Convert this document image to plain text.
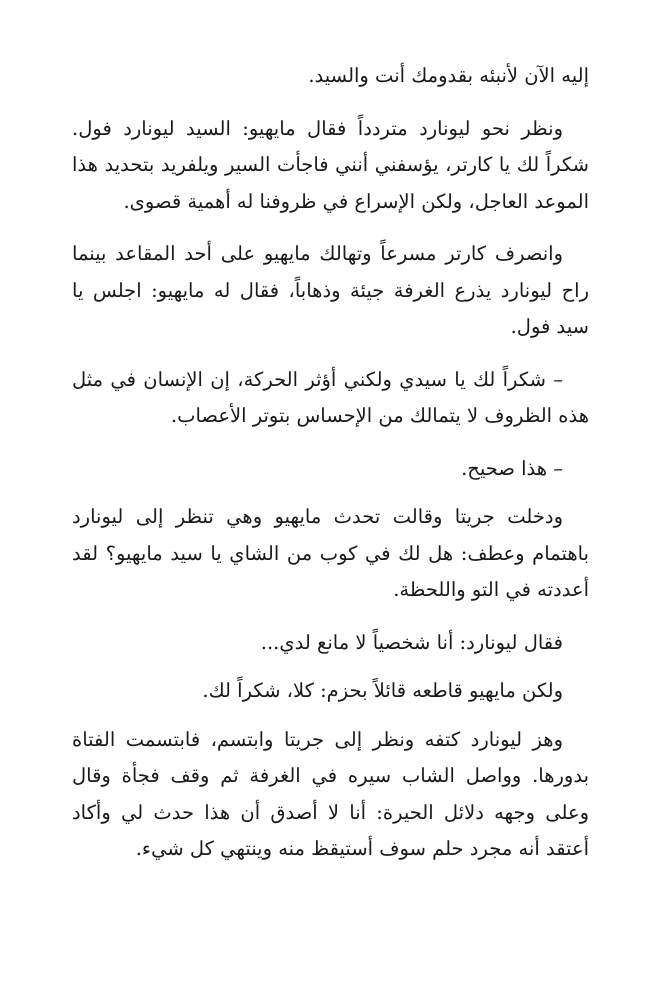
إليه الآن لأنبئه بقدومك أنت والسيد.

ونظر نحو ليونارد متردداً فقال مايهيو: السيد ليونارد فول. شكراً لك يا كارتر، يؤسفني أنني فاجأت السير ويلفريد بتحديد هذا الموعد العاجل، ولكن الإسراع في ظروفنا له أهمية قصوى.

وانصرف كارتر مسرعاً وتهالك مايهيو على أحد المقاعد بينما راح ليونارد يذرع الغرفة جيئة وذهاباً، فقال له مايهيو: اجلس يا سيد فول.

– شكراً لك يا سيدي ولكني أؤثر الحركة، إن الإنسان في مثل هذه الظروف لا يتمالك من الإحساس بتوتر الأعصاب.

– هذا صحيح.

ودخلت جريتا وقالت تحدث مايهيو وهي تنظر إلى ليونارد باهتمام وعطف: هل لك في كوب من الشاي يا سيد مايهيو؟ لقد أعددته في التو واللحظة.

فقال ليونارد: أنا شخصياً لا مانع لدي...

ولكن مايهيو قاطعه قائلاً بحزم: كلا، شكراً لك.

وهز ليونارد كتفه ونظر إلى جريتا وابتسم، فابتسمت الفتاة بدورها. وواصل الشاب سيره في الغرفة ثم وقف فجأة وقال وعلى وجهه دلائل الحيرة: أنا لا أصدق أن هذا حدث لي وأكاد أعتقد أنه مجرد حلم سوف أستيقظ منه وينتهي كل شيء.
